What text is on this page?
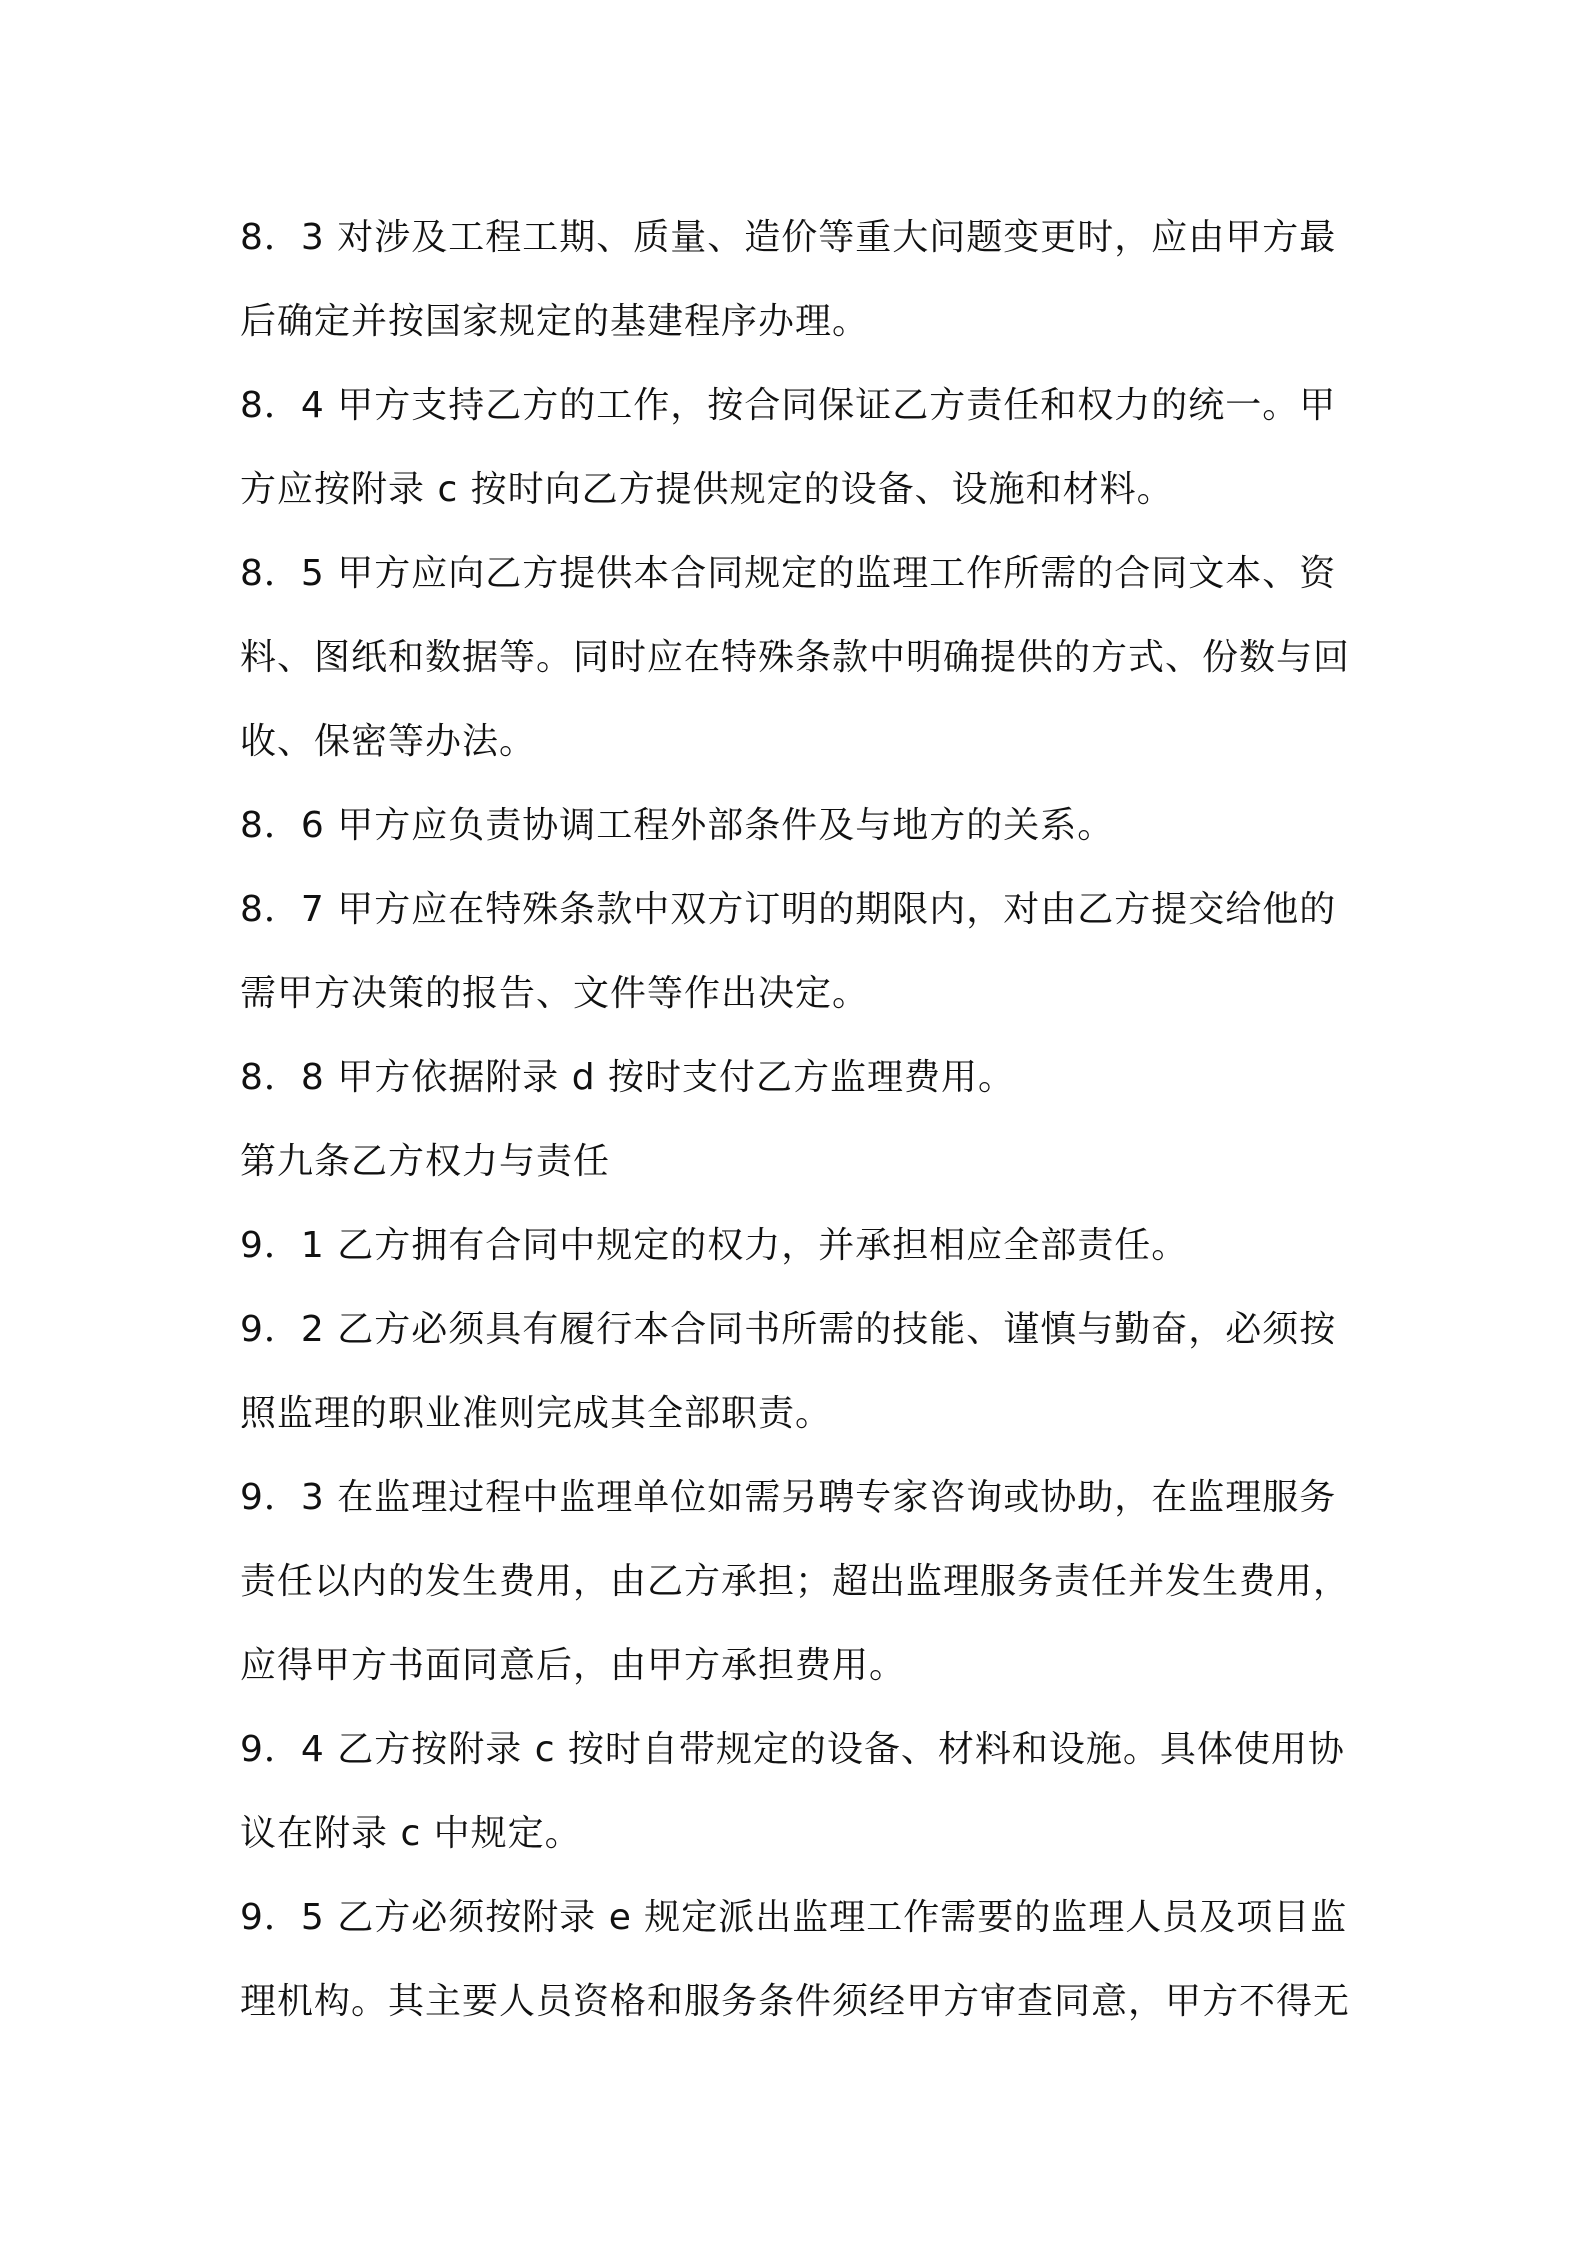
8．3 对涉及工程工期、质量、造价等重大问题变更时，应由甲方最后确定并按国家规定的基建程序办理。

8．4 甲方支持乙方的工作，按合同保证乙方责任和权力的统一。甲方应按附录 c 按时向乙方提供规定的设备、设施和材料。

8．5 甲方应向乙方提供本合同规定的监理工作所需的合同文本、资料、图纸和数据等。同时应在特殊条款中明确提供的方式、份数与回收、保密等办法。

8．6 甲方应负责协调工程外部条件及与地方的关系。

8．7 甲方应在特殊条款中双方订明的期限内，对由乙方提交给他的需甲方决策的报告、文件等作出决定。

8．8 甲方依据附录 d 按时支付乙方监理费用。

第九条乙方权力与责任

9．1 乙方拥有合同中规定的权力，并承担相应全部责任。

9．2 乙方必须具有履行本合同书所需的技能、谨慎与勤奋，必须按照监理的职业准则完成其全部职责。

9．3 在监理过程中监理单位如需另聘专家咨询或协助，在监理服务责任以内的发生费用，由乙方承担；超出监理服务责任并发生费用，应得甲方书面同意后，由甲方承担费用。

9．4 乙方按附录 c 按时自带规定的设备、材料和设施。具体使用协议在附录 c 中规定。

9．5 乙方必须按附录 e 规定派出监理工作需要的监理人员及项目监理机构。其主要人员资格和服务条件须经甲方审查同意，甲方不得无
